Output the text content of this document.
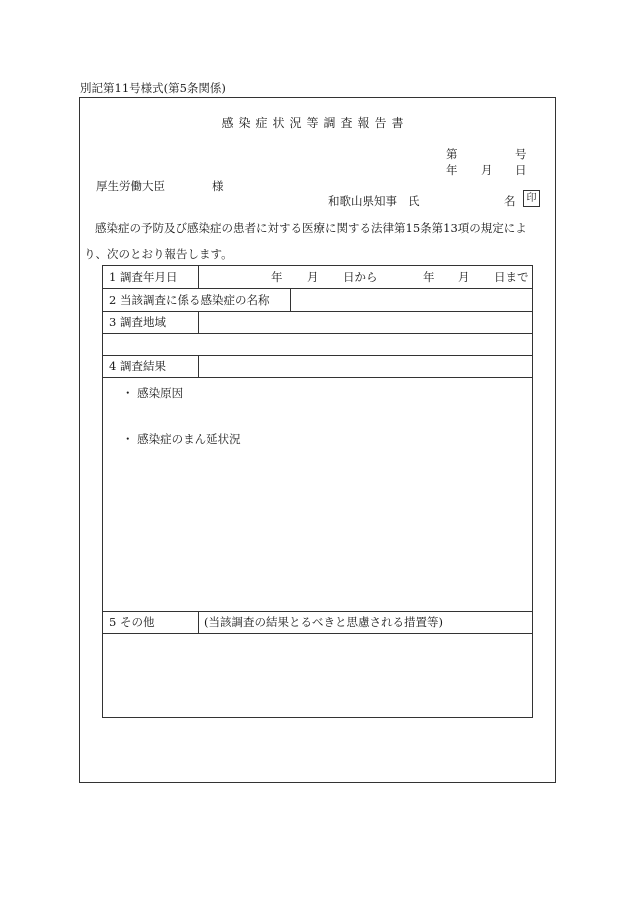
別記第11号様式(第5条関係)
感染症状況等調査報告書
第	号
年 月 日
厚生労働大臣	様
和歌山県知事 氏	名	印
感染症の予防及び感染症の患者に対する医療に関する法律第15条第13項の規定により、次のとおり報告します。
1 調査年月日	年 月 日から	年 月 日まで
2 当該調査に係る感染症の名称
3 調査地域
4 調査結果
・ 感染原因
・ 感染症のまん延状況
5 その他	(当該調査の結果とるべきと思慮される措置等)
